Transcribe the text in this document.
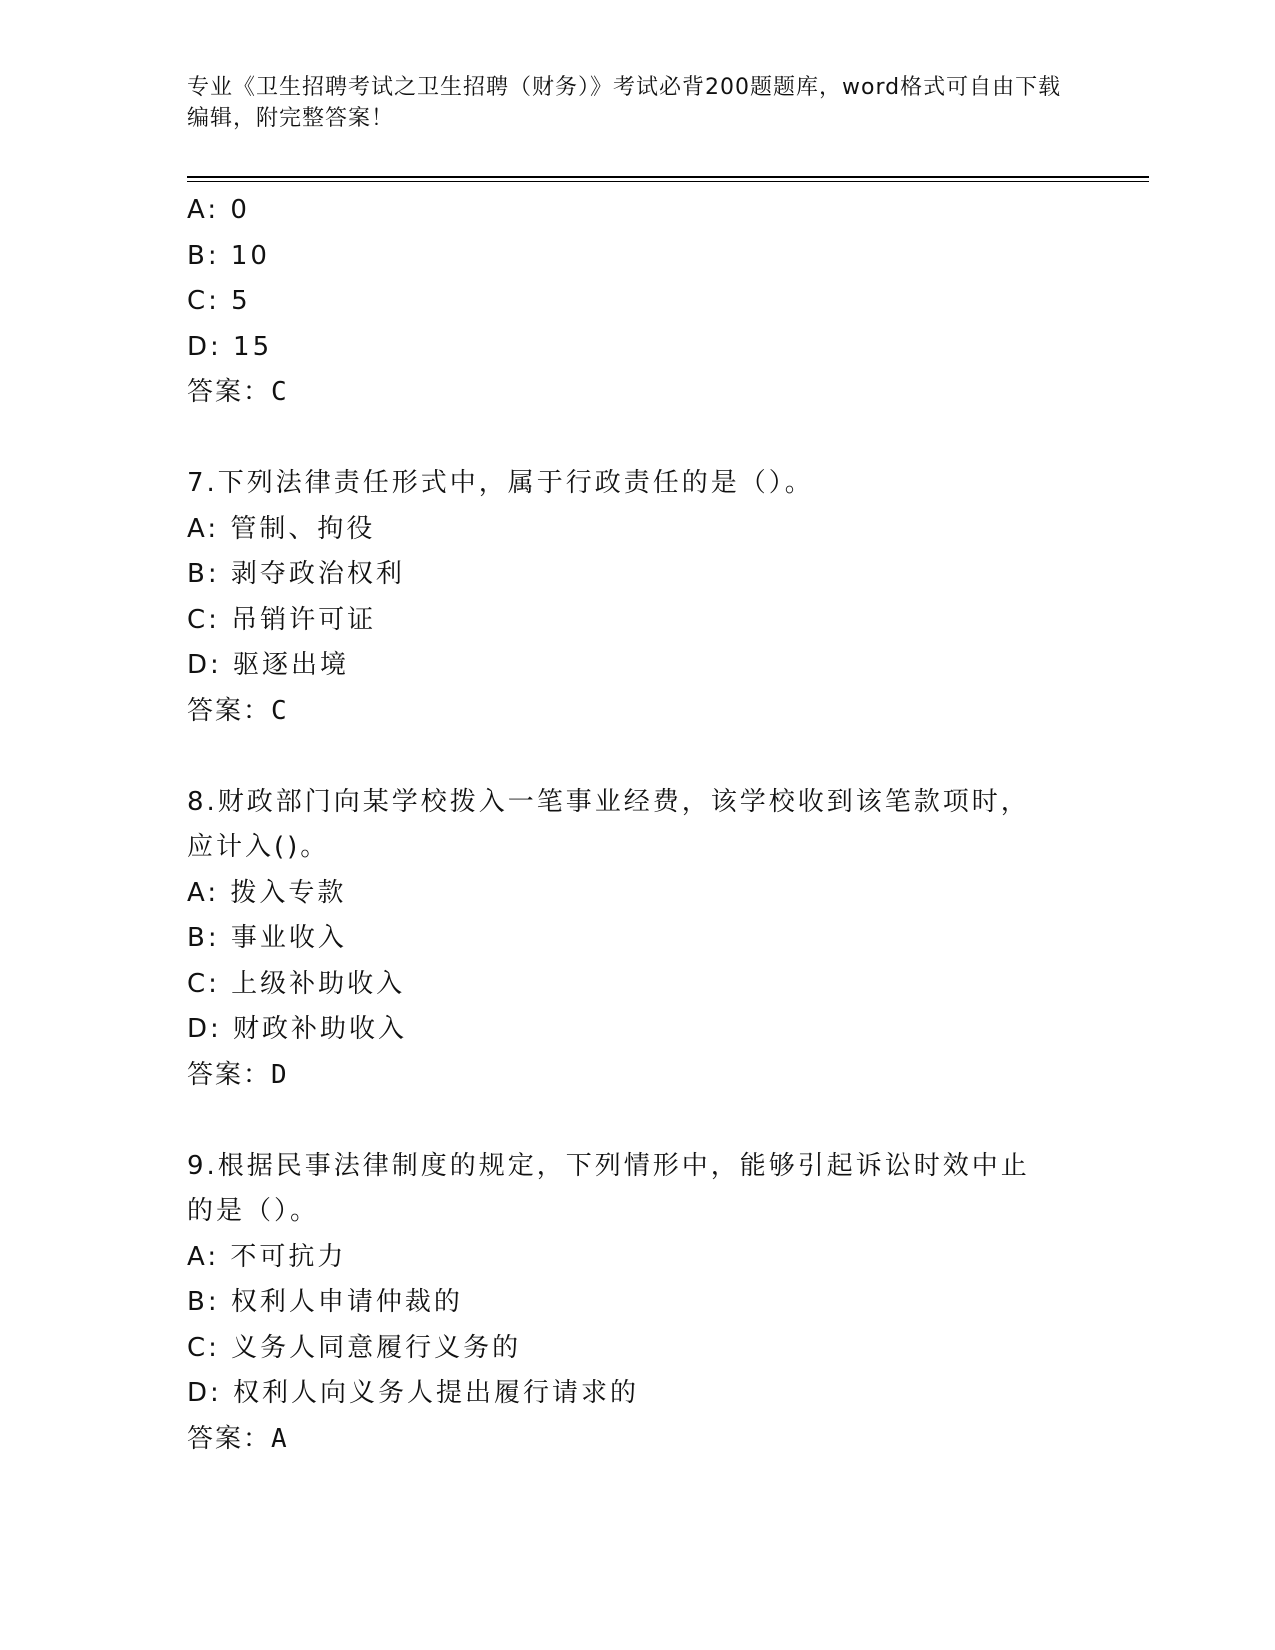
专业《卫生招聘考试之卫生招聘（财务）》考试必背200题题库，word格式可自由下载编辑，附完整答案！
A: 0
B: 10
C: 5
D: 15
答案：C
7.下列法律责任形式中，属于行政责任的是（）。
A: 管制、拘役
B: 剥夺政治权利
C: 吊销许可证
D: 驱逐出境
答案：C
8.财政部门向某学校拨入一笔事业经费，该学校收到该笔款项时，应计入()。
A: 拨入专款
B: 事业收入
C: 上级补助收入
D: 财政补助收入
答案：D
9.根据民事法律制度的规定，下列情形中，能够引起诉讼时效中止的是（）。
A: 不可抗力
B: 权利人申请仲裁的
C: 义务人同意履行义务的
D: 权利人向义务人提出履行请求的
答案：A
